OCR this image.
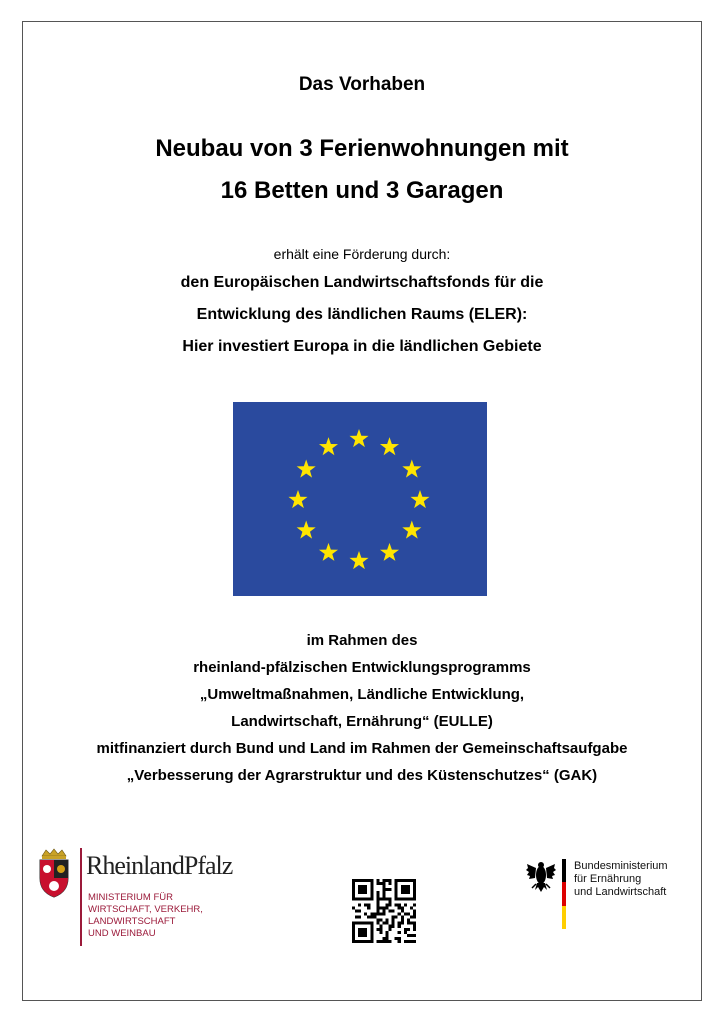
Das Vorhaben
Neubau von 3 Ferienwohnungen mit
16 Betten und 3 Garagen
erhält eine Förderung durch:
den Europäischen Landwirtschaftsfonds für die
Entwicklung des ländlichen Raums (ELER):
Hier investiert Europa in die ländlichen Gebiete
im Rahmen des
rheinland-pfälzischen Entwicklungsprogramms
„Umweltmaßnahmen, Ländliche Entwicklung,
Landwirtschaft, Ernährung“ (EULLE)
mitfinanziert durch Bund und Land im Rahmen der Gemeinschaftsaufgabe
„Verbesserung der Agrarstruktur und des Küstenschutzes“ (GAK)
RheinlandPfalz
MINISTERIUM FÜR
WIRTSCHAFT, VERKEHR,
LANDWIRTSCHAFT
UND WEINBAU
Bundesministerium
für Ernährung
und Landwirtschaft
